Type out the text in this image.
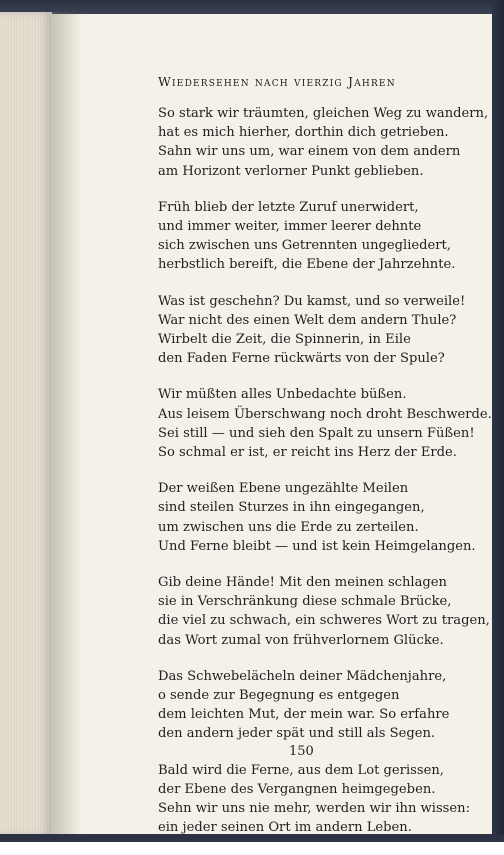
Wiedersehen nach vierzig Jahren
So stark wir träumten, gleichen Weg zu wandern,
hat es mich hierher, dorthin dich getrieben.
Sahn wir uns um, war einem von dem andern
am Horizont verlorner Punkt geblieben.
Früh blieb der letzte Zuruf unerwidert,
und immer weiter, immer leerer dehnte
sich zwischen uns Getrennten ungegliedert,
herbstlich bereift, die Ebene der Jahrzehnte.
Was ist geschehn? Du kamst, und so verweile!
War nicht des einen Welt dem andern Thule?
Wirbelt die Zeit, die Spinnerin, in Eile
den Faden Ferne rückwärts von der Spule?
Wir müßten alles Unbedachte büßen.
Aus leisem Überschwang noch droht Beschwerde.
Sei still — und sieh den Spalt zu unsern Füßen!
So schmal er ist, er reicht ins Herz der Erde.
Der weißen Ebene ungezählte Meilen
sind steilen Sturzes in ihn eingegangen,
um zwischen uns die Erde zu zerteilen.
Und Ferne bleibt — und ist kein Heimgelangen.
Gib deine Hände! Mit den meinen schlagen
sie in Verschränkung diese schmale Brücke,
die viel zu schwach, ein schweres Wort zu tragen,
das Wort zumal von frühverlornem Glücke.
Das Schwebelächeln deiner Mädchenjahre,
o sende zur Begegnung es entgegen
dem leichten Mut, der mein war. So erfahre
den andern jeder spät und still als Segen.
Bald wird die Ferne, aus dem Lot gerissen,
der Ebene des Vergangnen heimgegeben.
Sehn wir uns nie mehr, werden wir ihn wissen:
ein jeder seinen Ort im andern Leben.
150
